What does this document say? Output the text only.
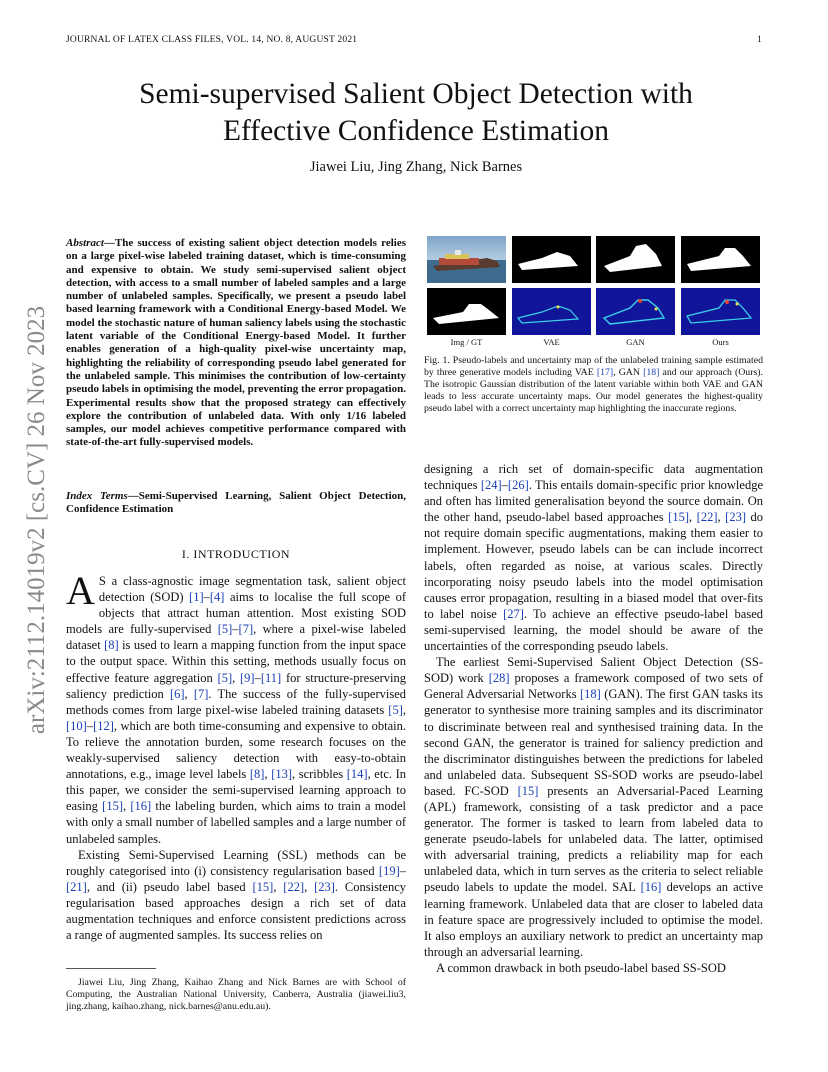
JOURNAL OF LATEX CLASS FILES, VOL. 14, NO. 8, AUGUST 2021	1
arXiv:2112.14019v2 [cs.CV] 26 Nov 2023
Semi-supervised Salient Object Detection with
Effective Confidence Estimation
Jiawei Liu, Jing Zhang, Nick Barnes
Abstract—The success of existing salient object detection models relies on a large pixel-wise labeled training dataset, which is time-consuming and expensive to obtain. We study semi-supervised salient object detection, with access to a small number of labeled samples and a large number of unlabeled samples. Specifically, we present a pseudo label based learning framework with a Conditional Energy-based Model. We model the stochastic nature of human saliency labels using the stochastic latent variable of the Conditional Energy-based Model. It further enables generation of a high-quality pixel-wise uncertainty map, highlighting the reliability of corresponding pseudo label generated for the unlabeled sample. This minimises the contribution of low-certainty pseudo labels in optimising the model, preventing the error propagation. Experimental results show that the proposed strategy can effectively explore the contribution of unlabeled data. With only 1/16 labeled samples, our model achieves competitive performance compared with state-of-the-art fully-supervised models.
Index Terms—Semi-Supervised Learning, Salient Object Detection, Confidence Estimation
I. INTRODUCTION

A S a class-agnostic image segmentation task, salient object detection (SOD) [1]–[4] aims to localise the full scope of objects that attract human attention. Most existing SOD models are fully-supervised [5]–[7], where a pixel-wise labeled dataset [8] is used to learn a mapping function from the input space to the output space. Within this setting, methods usually focus on effective feature aggregation [5], [9]–[11] for structure-preserving saliency prediction [6], [7]. The success of the fully-supervised methods comes from large pixel-wise labeled training datasets [5], [10]–[12], which are both time-consuming and expensive to obtain. To relieve the annotation burden, some research focuses on the weakly-supervised saliency detection with easy-to-obtain annotations, e.g., image level labels [8], [13], scribbles [14], etc. In this paper, we consider the semi-supervised learning approach to easing [15], [16] the labeling burden, which aims to train a model with only a small number of labelled samples and a large number of unlabeled samples.

Existing Semi-Supervised Learning (SSL) methods can be roughly categorised into (i) consistency regularisation based [19]–[21], and (ii) pseudo label based [15], [22], [23]. Consistency regularisation based approaches design a rich set of data augmentation techniques and enforce consistent predictions across a range of augmented samples. Its success relies on

Jiawei Liu, Jing Zhang, Kaihao Zhang and Nick Barnes are with School of Computing, the Australian National University, Canberra, Australia (jiawei.liu3, jing.zhang, kaihao.zhang, nick.barnes@anu.edu.au).
Img / GT	VAE	GAN	Ours
Fig. 1. Pseudo-labels and uncertainty map of the unlabeled training sample estimated by three generative models including VAE [17], GAN [18] and our approach (Ours). The isotropic Gaussian distribution of the latent variable within both VAE and GAN leads to less accurate uncertainty maps. Our model generates the highest-quality pseudo label with a correct uncertainty map highlighting the inaccurate regions.

designing a rich set of domain-specific data augmentation techniques [24]–[26]. This entails domain-specific prior knowledge and often has limited generalisation beyond the source domain. On the other hand, pseudo-label based approaches [15], [22], [23] do not require domain specific augmentations, making them easier to implement. However, pseudo labels can be can include incorrect labels, often regarded as noise, at various scales. Directly incorporating noisy pseudo labels into the model optimisation causes error propagation, resulting in a biased model that over-fits to label noise [27]. To achieve an effective pseudo-label based semi-supervised learning, the model should be aware of the uncertainties of the corresponding pseudo labels.

The earliest Semi-Supervised Salient Object Detection (SS-SOD) work [28] proposes a framework composed of two sets of General Adversarial Networks [18] (GAN). The first GAN tasks its generator to synthesise more training samples and its discriminator to discriminate between real and synthesised training data. In the second GAN, the generator is trained for saliency prediction and the discriminator distinguishes between the predictions for labeled and unlabeled data. Subsequent SS-SOD works are pseudo-label based. FC-SOD [15] presents an Adversarial-Paced Learning (APL) framework, consisting of a task predictor and a pace generator. The former is tasked to learn from labeled data to generate pseudo-labels for unlabeled data. The latter, optimised with adversarial training, predicts a reliability map for each unlabeled data, which in turn serves as the criteria to select reliable pseudo labels to update the model. SAL [16] develops an active learning framework. Unlabeled data that are closer to labeled data in feature space are progressively included to optimise the model. It also employs an auxiliary network to predict an uncertainty map through an adversarial learning.

A common drawback in both pseudo-label based SS-SOD
